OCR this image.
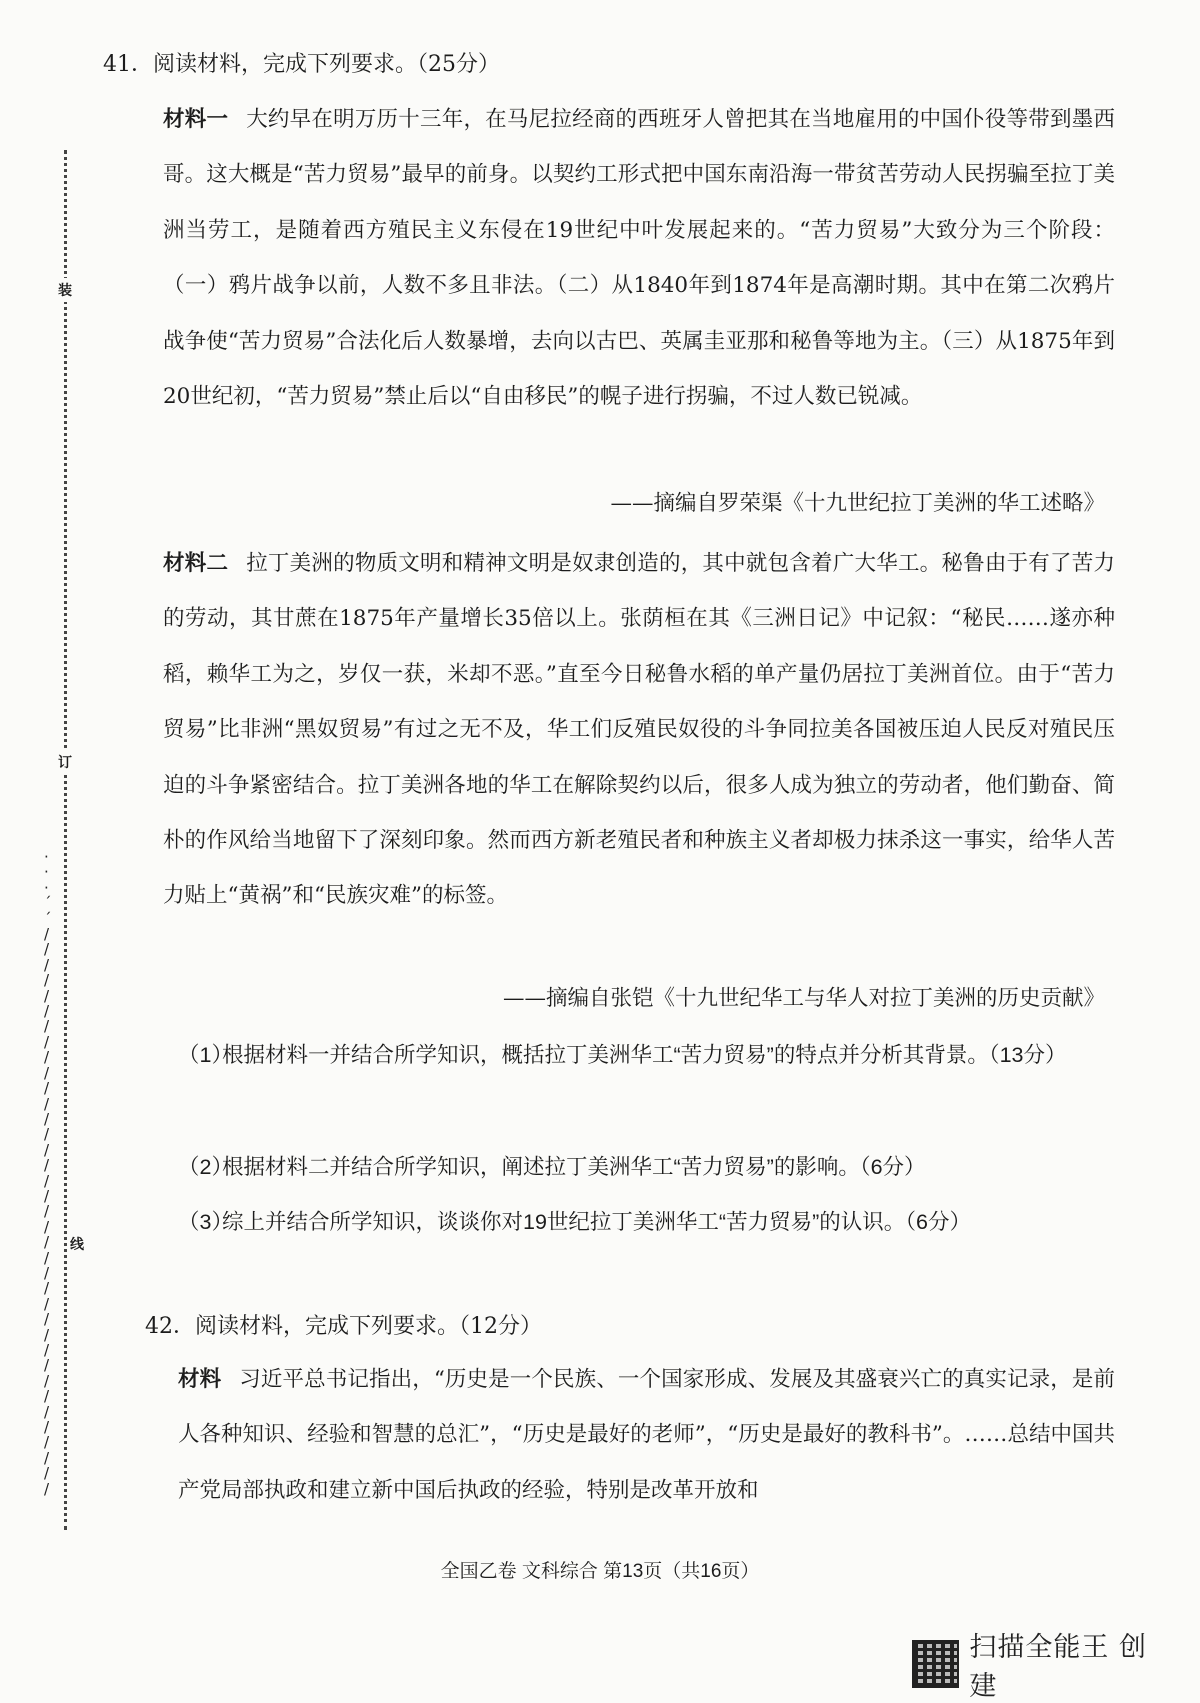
装
订
线
·
·
·
´
´
/
/
/
/
/
/
/
/
/
/
/
/
/
/
/
/
/
/
/
/
/
/
/
/
/
/
/
/
/
/
/
/
/
/
/
/
/
41．阅读材料，完成下列要求。（25分）
材料一 大约早在明万历十三年，在马尼拉经商的西班牙人曾把其在当地雇用的中国仆役等带到墨西哥。这大概是“苦力贸易”最早的前身。以契约工形式把中国东南沿海一带贫苦劳动人民拐骗至拉丁美洲当劳工，是随着西方殖民主义东侵在19世纪中叶发展起来的。“苦力贸易”大致分为三个阶段：（一）鸦片战争以前，人数不多且非法。（二）从1840年到1874年是高潮时期。其中在第二次鸦片战争使“苦力贸易”合法化后人数暴增，去向以古巴、英属圭亚那和秘鲁等地为主。（三）从1875年到20世纪初，“苦力贸易”禁止后以“自由移民”的幌子进行拐骗，不过人数已锐减。
——摘编自罗荣渠《十九世纪拉丁美洲的华工述略》
材料二 拉丁美洲的物质文明和精神文明是奴隶创造的，其中就包含着广大华工。秘鲁由于有了苦力的劳动，其甘蔗在1875年产量增长35倍以上。张荫桓在其《三洲日记》中记叙：“秘民……遂亦种稻，赖华工为之，岁仅一获，米却不恶。”直至今日秘鲁水稻的单产量仍居拉丁美洲首位。由于“苦力贸易”比非洲“黑奴贸易”有过之无不及，华工们反殖民奴役的斗争同拉美各国被压迫人民反对殖民压迫的斗争紧密结合。拉丁美洲各地的华工在解除契约以后，很多人成为独立的劳动者，他们勤奋、简朴的作风给当地留下了深刻印象。然而西方新老殖民者和种族主义者却极力抹杀这一事实，给华人苦力贴上“黄祸”和“民族灾难”的标签。
——摘编自张铠《十九世纪华工与华人对拉丁美洲的历史贡献》
（1）根据材料一并结合所学知识，概括拉丁美洲华工“苦力贸易”的特点并分析其背景。（13分）
（2）根据材料二并结合所学知识，阐述拉丁美洲华工“苦力贸易”的影响。（6分）
（3）综上并结合所学知识，谈谈你对19世纪拉丁美洲华工“苦力贸易”的认识。（6分）
42．阅读材料，完成下列要求。（12分）
材料 习近平总书记指出，“历史是一个民族、一个国家形成、发展及其盛衰兴亡的真实记录，是前人各种知识、经验和智慧的总汇”，“历史是最好的老师”，“历史是最好的教科书”。……总结中国共产党局部执政和建立新中国后执政的经验，特别是改革开放和
全国乙卷 文科综合 第13页（共16页）
扫描全能王 创建
